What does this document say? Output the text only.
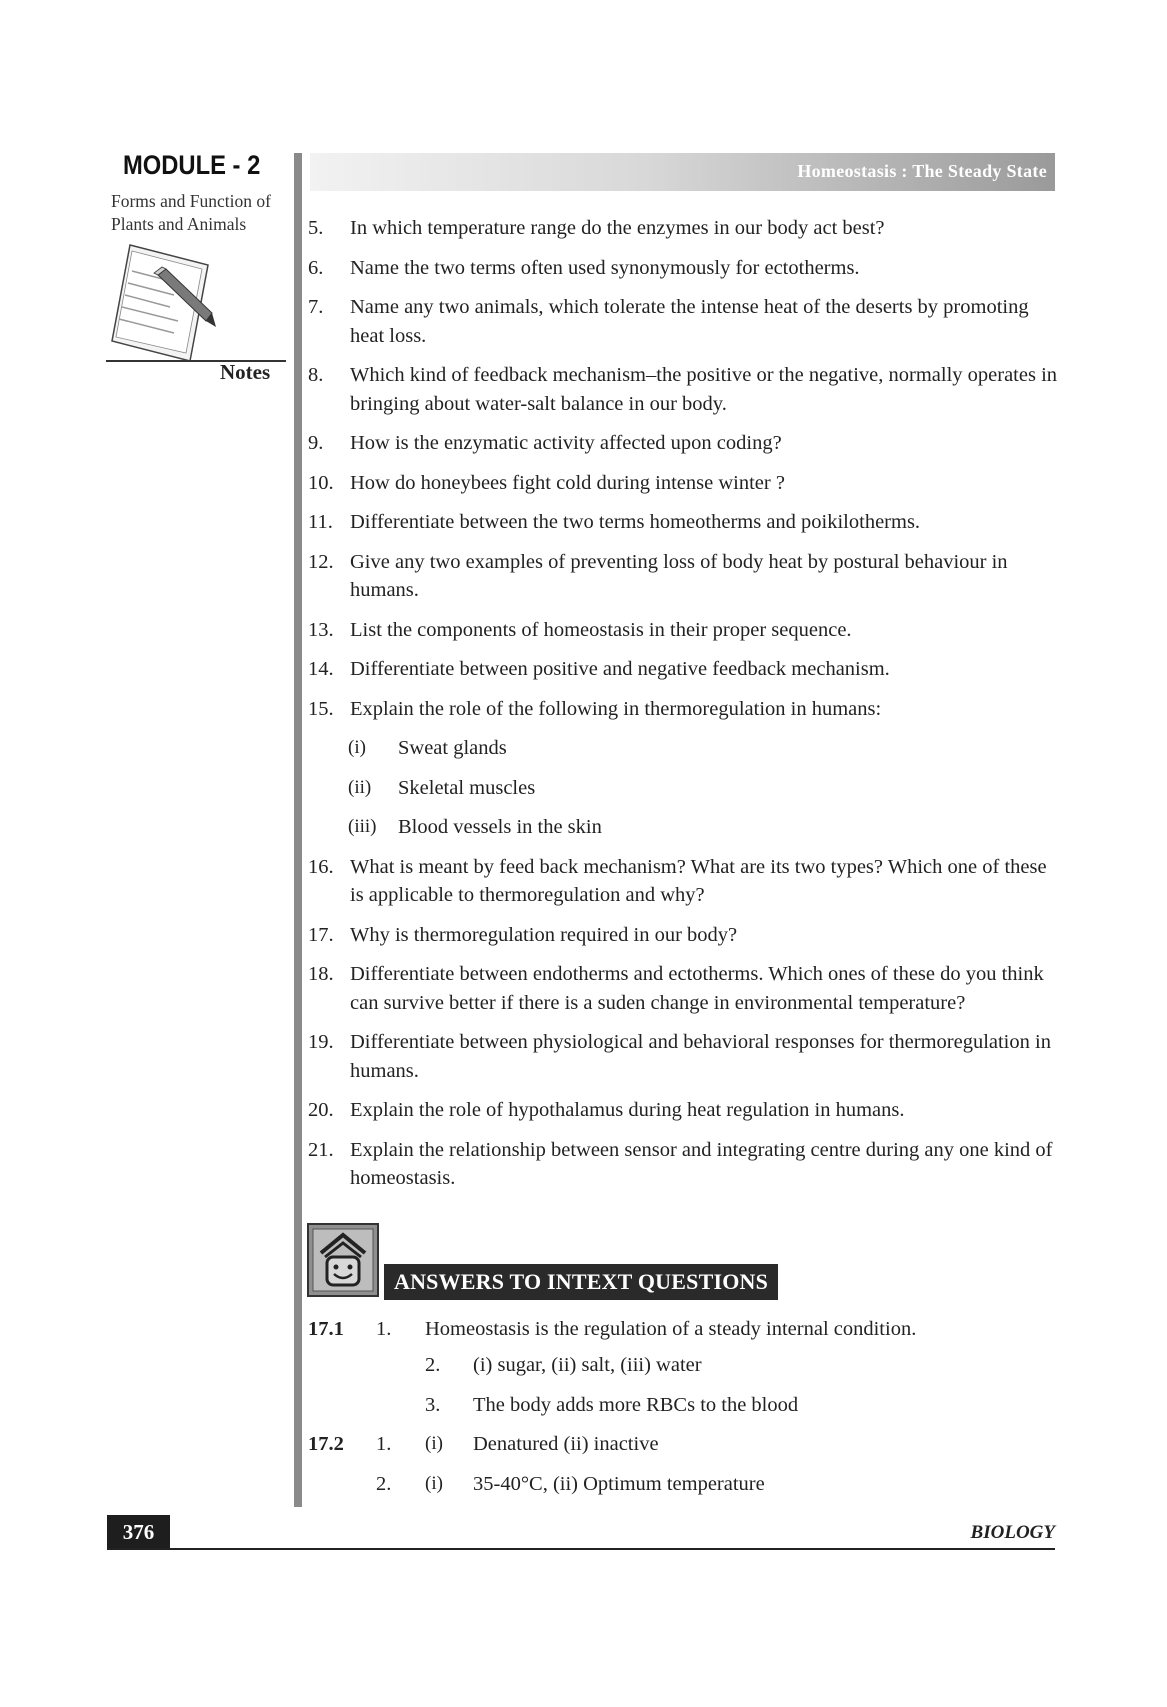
MODULE - 2
Forms and Function of
Plants and Animals
Notes
Homeostasis : The Steady State
5. In which temperature range do the enzymes in our body act best?
6. Name the two terms often used synonymously for ectotherms.
7. Name any two animals, which tolerate the intense heat of the deserts by promoting heat loss.
8. Which kind of feedback mechanism–the positive or the negative, normally operates in bringing about water-salt balance in our body.
9. How is the enzymatic activity affected upon coding?
10. How do honeybees fight cold during intense winter ?
11. Differentiate between the two terms homeotherms and poikilotherms.
12. Give any two examples of preventing loss of body heat by postural behaviour in humans.
13. List the components of homeostasis in their proper sequence.
14. Differentiate between positive and negative feedback mechanism.
15. Explain the role of the following in thermoregulation in humans:
(i) Sweat glands
(ii) Skeletal muscles
(iii) Blood vessels in the skin
16. What is meant by feed back mechanism? What are its two types? Which one of these is applicable to thermoregulation and why?
17. Why is thermoregulation required in our body?
18. Differentiate between endotherms and ectotherms. Which ones of these do you think can survive better if there is a suden change in environmental temperature?
19. Differentiate between physiological and behavioral responses for thermoregulation in humans.
20. Explain the role of hypothalamus during heat regulation in humans.
21. Explain the relationship between sensor and integrating centre during any one kind of homeostasis.
ANSWERS TO INTEXT QUESTIONS
17.1 1. Homeostasis is the regulation of a steady internal condition.
2. (i) sugar, (ii) salt, (iii) water
3. The body adds more RBCs to the blood
17.2 1. (i) Denatured (ii) inactive
2. (i) 35-40°C, (ii) Optimum temperature
376	BIOLOGY
